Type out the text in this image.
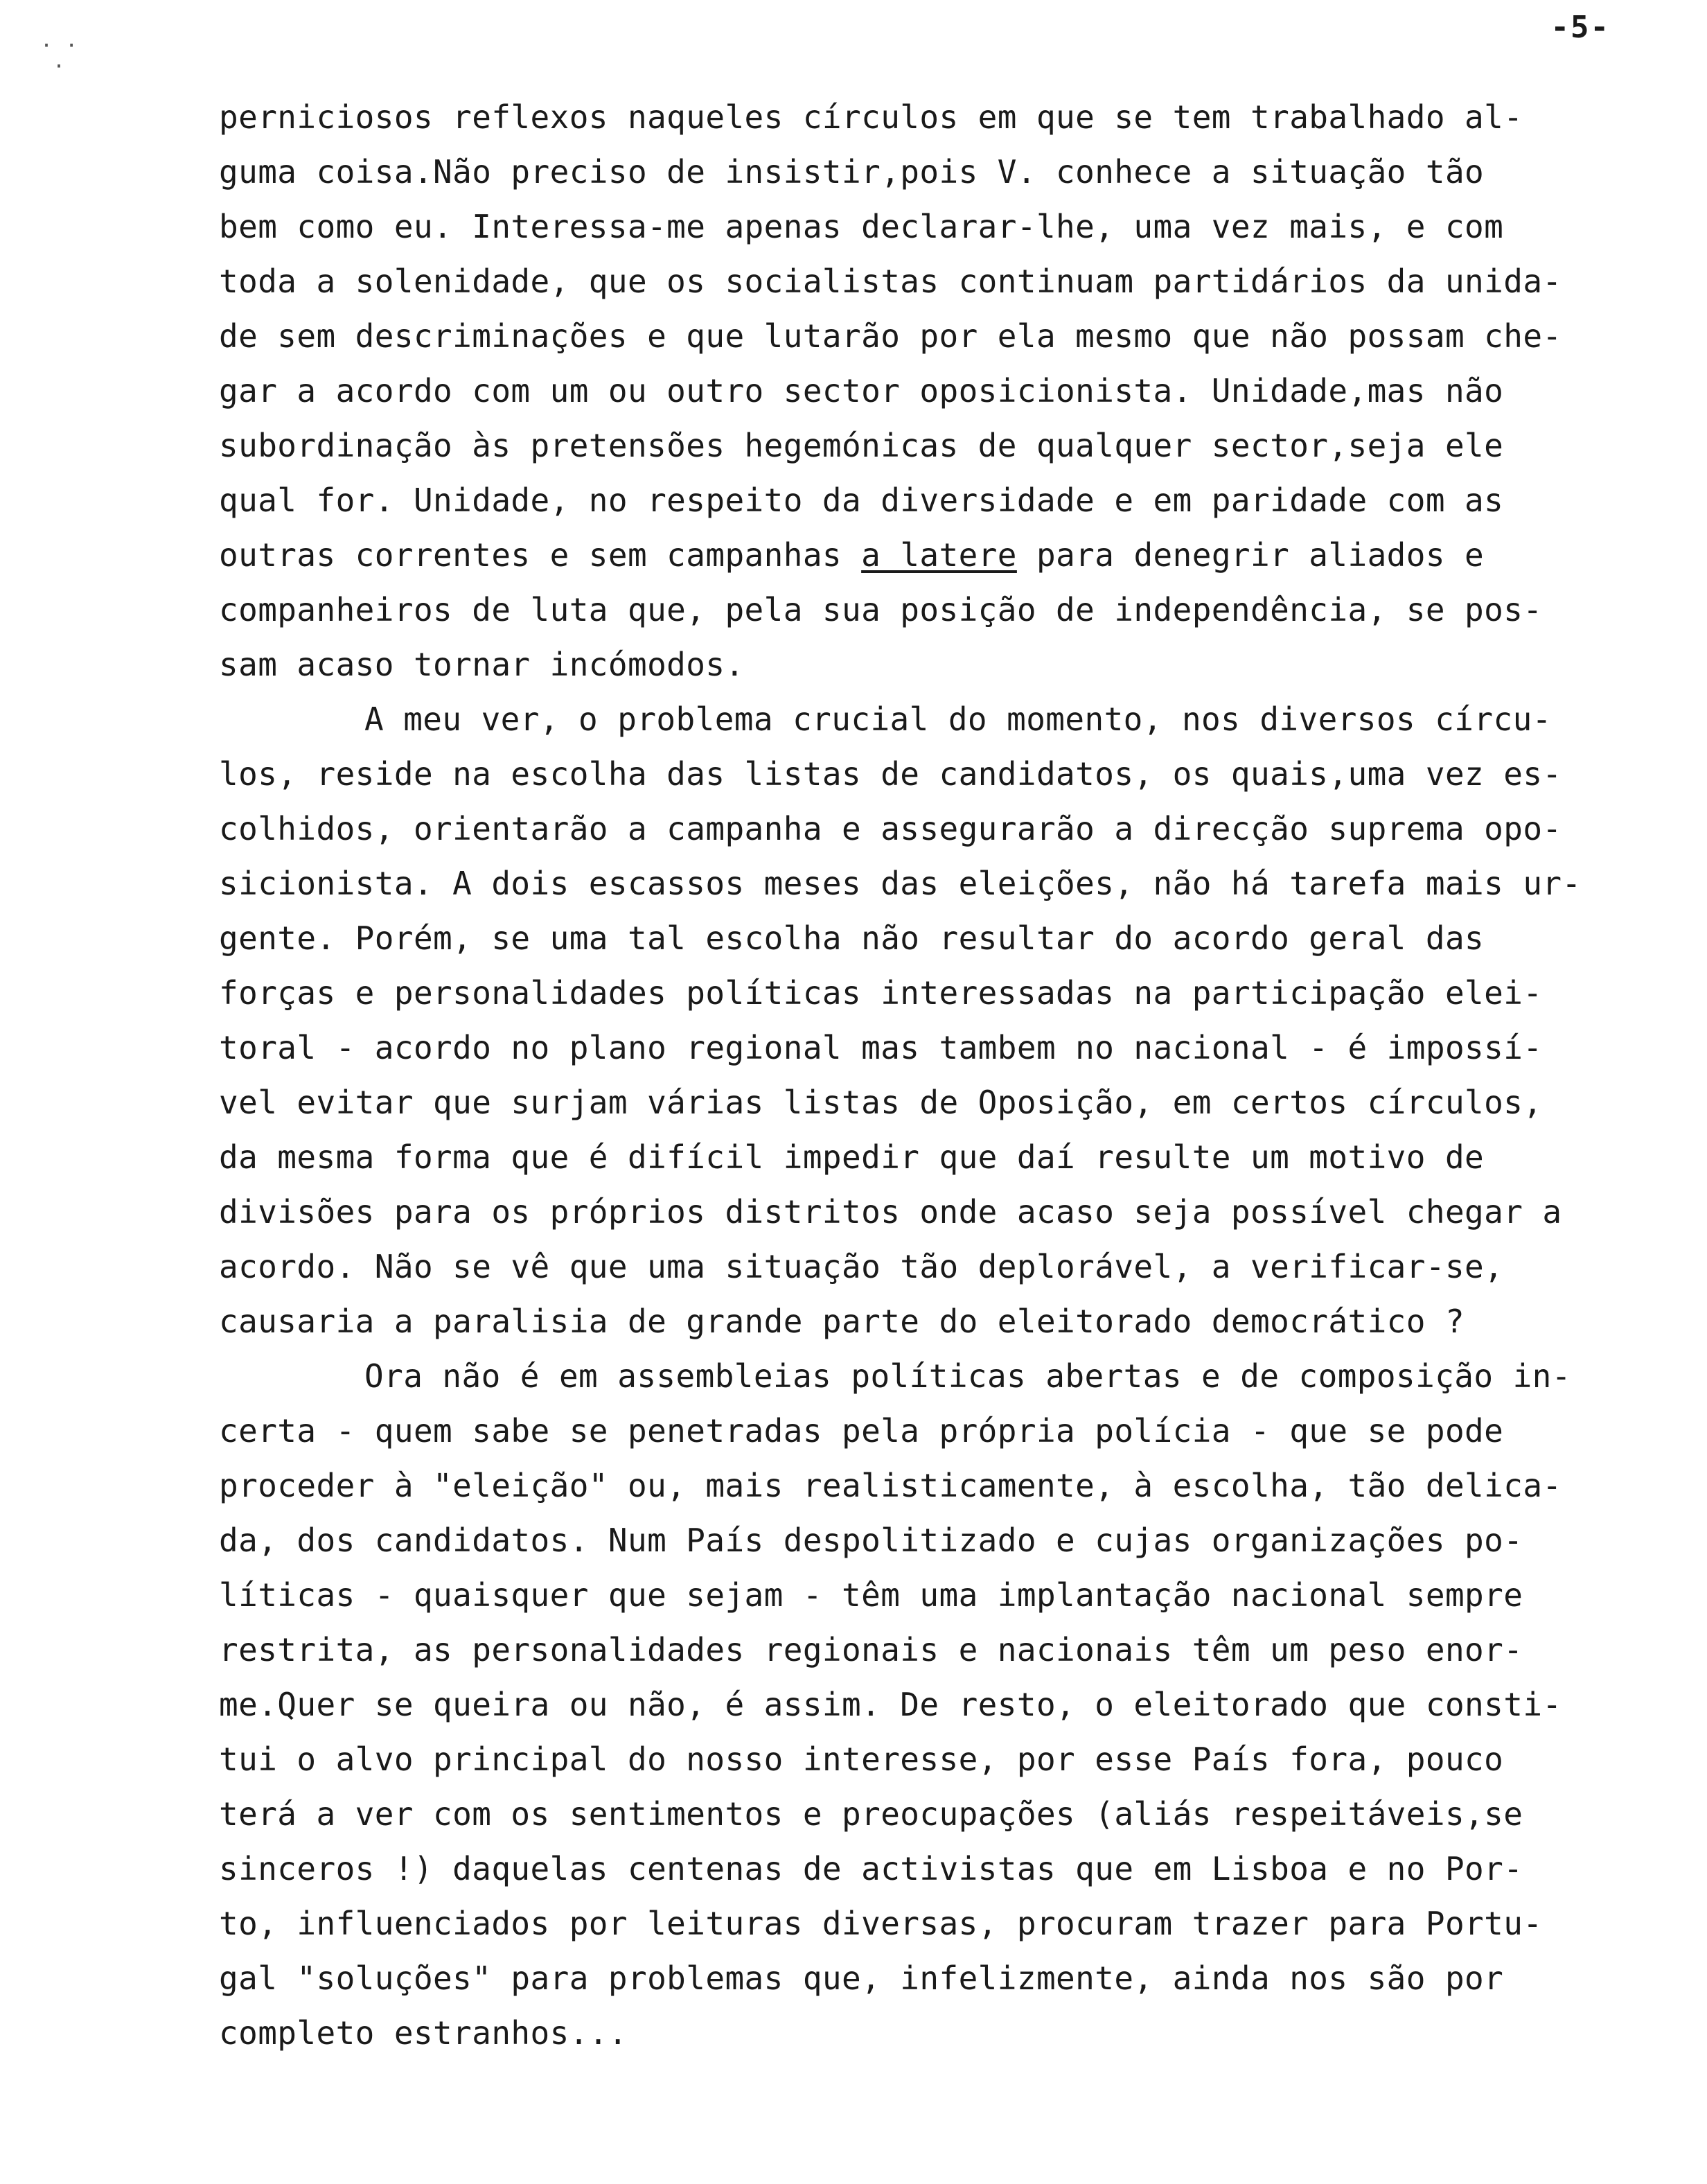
· ·
 ·
-5-
perniciosos reflexos naqueles círculos em que se tem trabalhado al-
guma coisa.Não preciso de insistir,pois V. conhece a situação tão
bem como eu. Interessa-me apenas declarar-lhe, uma vez mais, e com
toda a solenidade, que os socialistas continuam partidários da unida-
de sem descriminações e que lutarão por ela mesmo que não possam che-
gar a acordo com um ou outro sector oposicionista. Unidade,mas não
subordinação às pretensões hegemónicas de qualquer sector,seja ele
qual for. Unidade, no respeito da diversidade e em paridade com as
outras correntes e sem campanhas a latere para denegrir aliados e
companheiros de luta que, pela sua posição de independência, se pos-
sam acaso tornar incómodos.
A meu ver, o problema crucial do momento, nos diversos círcu-
los, reside na escolha das listas de candidatos, os quais,uma vez es-
colhidos, orientarão a campanha e assegurarão a direcção suprema opo-
sicionista. A dois escassos meses das eleições, não há tarefa mais ur-
gente. Porém, se uma tal escolha não resultar do acordo geral das
forças e personalidades políticas interessadas na participação elei-
toral - acordo no plano regional mas tambem no nacional - é impossí-
vel evitar que surjam várias listas de Oposição, em certos círculos,
da mesma forma que é difícil impedir que daí resulte um motivo de
divisões para os próprios distritos onde acaso seja possível chegar a
acordo. Não se vê que uma situação tão deplorável, a verificar-se,
causaria a paralisia de grande parte do eleitorado democrático ?
Ora não é em assembleias políticas abertas e de composição in-
certa - quem sabe se penetradas pela própria polícia - que se pode
proceder à "eleição" ou, mais realisticamente, à escolha, tão delica-
da, dos candidatos. Num País despolitizado e cujas organizações po-
líticas - quaisquer que sejam - têm uma implantação nacional sempre
restrita, as personalidades regionais e nacionais têm um peso enor-
me.Quer se queira ou não, é assim. De resto, o eleitorado que consti-
tui o alvo principal do nosso interesse, por esse País fora, pouco
terá a ver com os sentimentos e preocupações (aliás respeitáveis,se
sinceros !) daquelas centenas de activistas que em Lisboa e no Por-
to, influenciados por leituras diversas, procuram trazer para Portu-
gal "soluções" para problemas que, infelizmente, ainda nos são por
completo estranhos...
